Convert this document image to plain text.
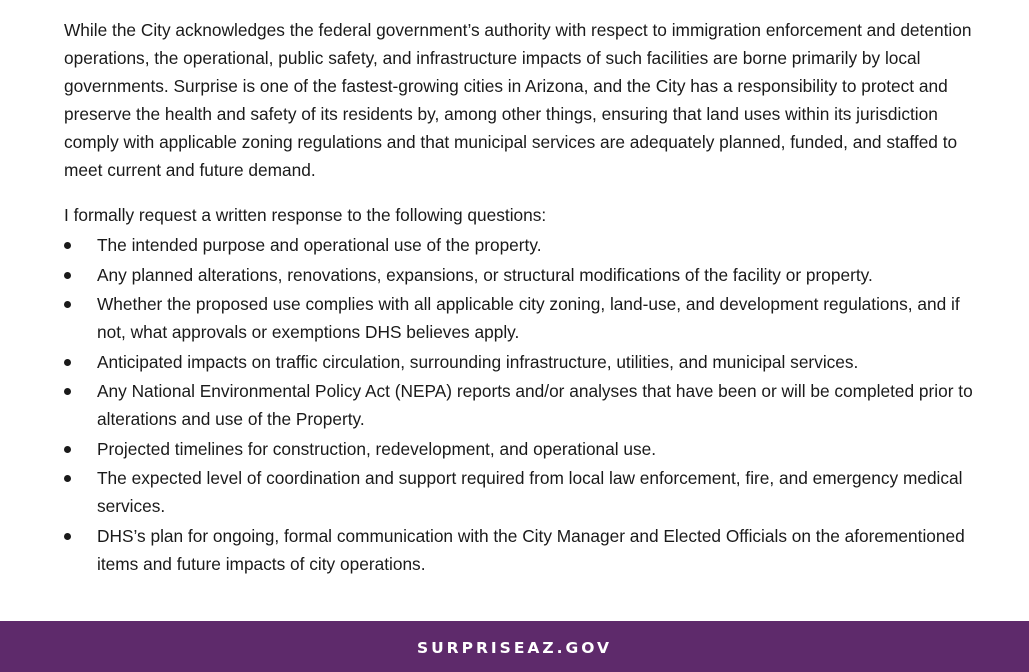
While the City acknowledges the federal government’s authority with respect to immigration enforcement and detention operations, the operational, public safety, and infrastructure impacts of such facilities are borne primarily by local governments. Surprise is one of the fastest-growing cities in Arizona, and the City has a responsibility to protect and preserve the health and safety of its residents by, among other things, ensuring that land uses within its jurisdiction comply with applicable zoning regulations and that municipal services are adequately planned, funded, and staffed to meet current and future demand.

I formally request a written response to the following questions:

The intended purpose and operational use of the property.
Any planned alterations, renovations, expansions, or structural modifications of the facility or property.
Whether the proposed use complies with all applicable city zoning, land-use, and development regulations, and if not, what approvals or exemptions DHS believes apply.
Anticipated impacts on traffic circulation, surrounding infrastructure, utilities, and municipal services.
Any National Environmental Policy Act (NEPA) reports and/or analyses that have been or will be completed prior to alterations and use of the Property.
Projected timelines for construction, redevelopment, and operational use.
The expected level of coordination and support required from local law enforcement, fire, and emergency medical services.
DHS’s plan for ongoing, formal communication with the City Manager and Elected Officials on the aforementioned items and future impacts of city operations.
SURPRISEAZ.GOV
